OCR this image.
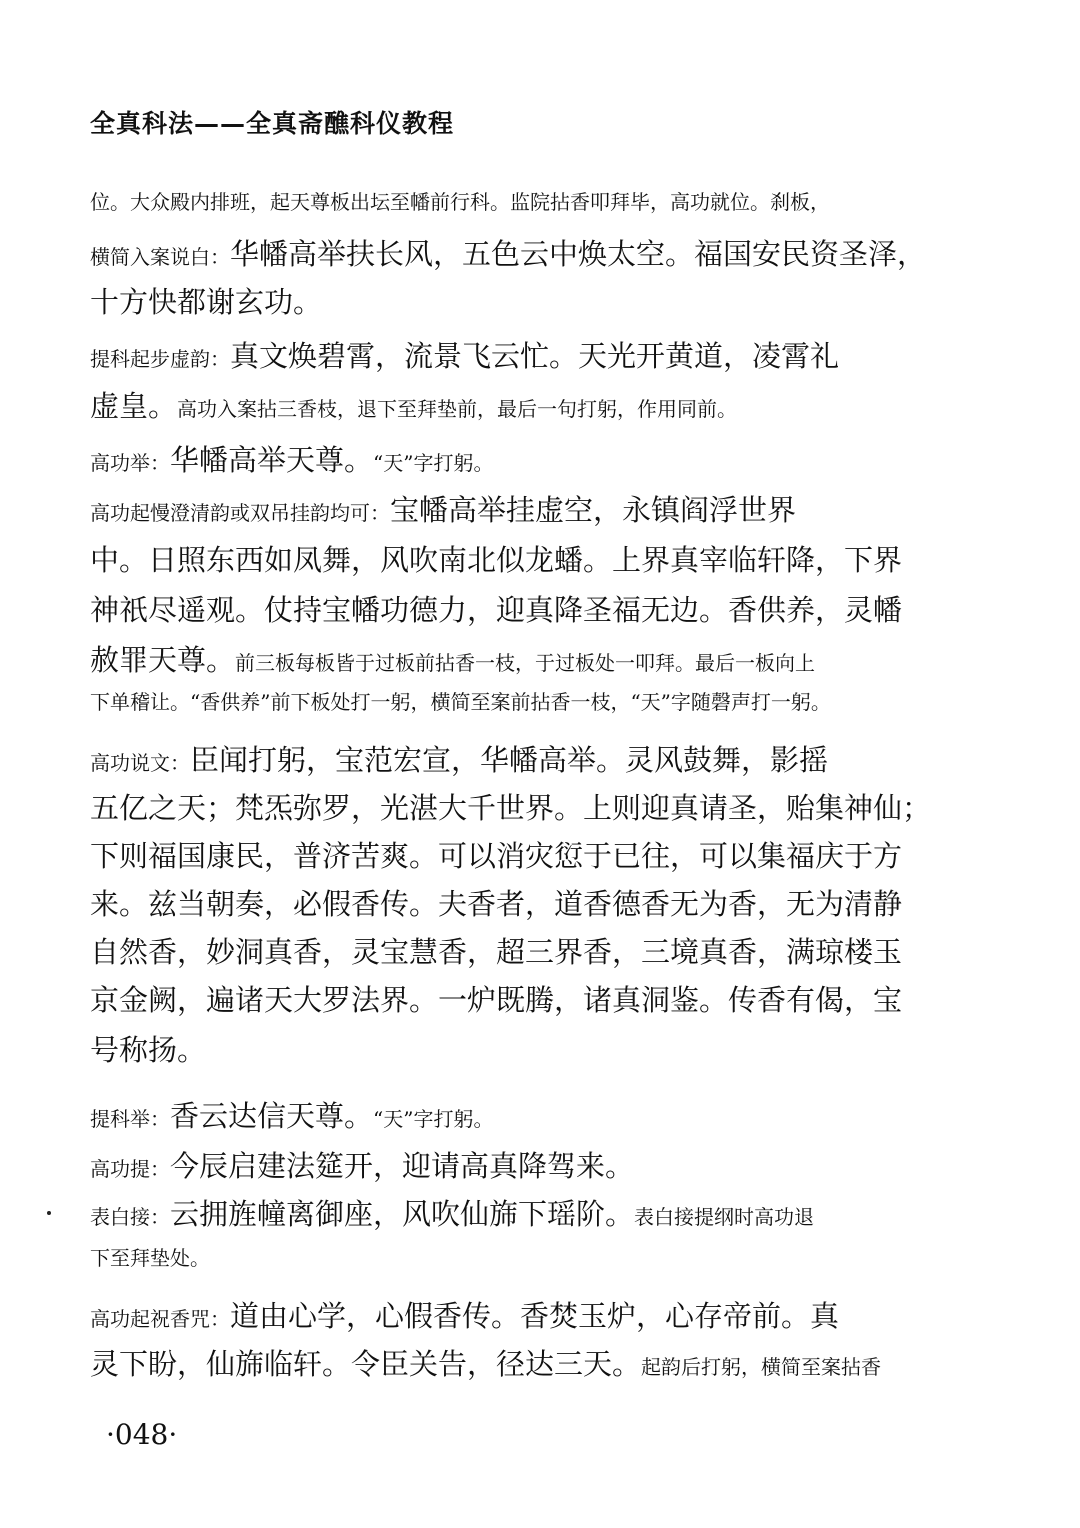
全真科法——全真斋醮科仪教程
位。大众殿内排班，起天尊板出坛至幡前行科。监院拈香叩拜毕，高功就位。刹板，
横简入案说白：华幡高举扶长风，五色云中焕太空。福国安民资圣泽，
十方快都谢玄功。
提科起步虚韵：真文焕碧霄，流景飞云忙。天光开黄道，凌霄礼
虚皇。高功入案拈三香枝，退下至拜垫前，最后一句打躬，作用同前。
高功举：华幡高举天尊。“天”字打躬。
高功起慢澄清韵或双吊挂韵均可：宝幡高举挂虚空，永镇阎浮世界
中。日照东西如凤舞，风吹南北似龙蟠。上界真宰临轩降，下界
神祇尽遥观。仗持宝幡功德力，迎真降圣福无边。香供养，灵幡
赦罪天尊。前三板每板皆于过板前拈香一枝，于过板处一叩拜。最后一板向上
下单稽让。“香供养”前下板处打一躬，横简至案前拈香一枝，“天”字随磬声打一躬。
高功说文：臣闻打躬，宝范宏宣，华幡高举。灵风鼓舞，影摇
五亿之天；梵炁弥罗，光湛大千世界。上则迎真请圣，贻集神仙；
下则福国康民，普济苦爽。可以消灾愆于已往，可以集福庆于方
来。兹当朝奏，必假香传。夫香者，道香德香无为香，无为清静
自然香，妙洞真香，灵宝慧香，超三界香，三境真香，满琼楼玉
京金阙，遍诸天大罗法界。一炉既腾，诸真洞鉴。传香有偈，宝
号称扬。
提科举：香云达信天尊。“天”字打躬。
高功提：今辰启建法筵开，迎请高真降驾来。
表白接：云拥旌幢离御座，风吹仙旆下瑶阶。表白接提纲时高功退
下至拜垫处。
高功起祝香咒：道由心学，心假香传。香焚玉炉，心存帝前。真
灵下盼，仙旆临轩。令臣关告，径达三天。起韵后打躬，横简至案拈香
·048·
